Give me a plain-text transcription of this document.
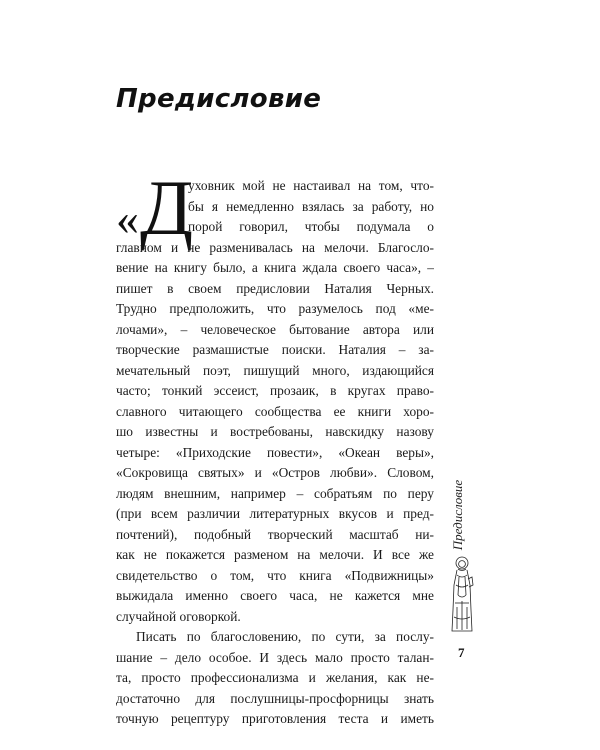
Предисловие
« Д
уховник мой не настаивал на том, что-
бы я немедленно взялась за работу, но
порой говорил, чтобы подумала о
главном и не разменивалась на мелочи. Благосло-
вение на книгу было, а книга ждала своего часа», –
пишет в своем предисловии Наталия Черных.
Трудно предположить, что разумелось под «ме-
лочами», – человеческое бытование автора или
творческие размашистые поиски. Наталия – за-
мечательный поэт, пишущий много, издающийся
часто; тонкий эссеист, прозаик, в кругах право-
славного читающего сообщества ее книги хоро-
шо известны и востребованы, навскидку назову
четыре: «Приходские повести», «Океан веры»,
«Сокровища святых» и «Остров любви». Словом,
людям внешним, например – собратьям по перу
(при всем различии литературных вкусов и пред-
почтений), подобный творческий масштаб ни-
как не покажется разменом на мелочи. И все же
свидетельство о том, что книга «Подвижницы»
выжидала именно своего часа, не кажется мне
случайной оговоркой.
Писать по благословению, по сути, за послу-
шание – дело особое. И здесь мало просто талан-
та, просто профессионализма и желания, как не-
достаточно для послушницы-просфорницы знать
точную рецептуру приготовления теста и иметь
Предисловие
7
